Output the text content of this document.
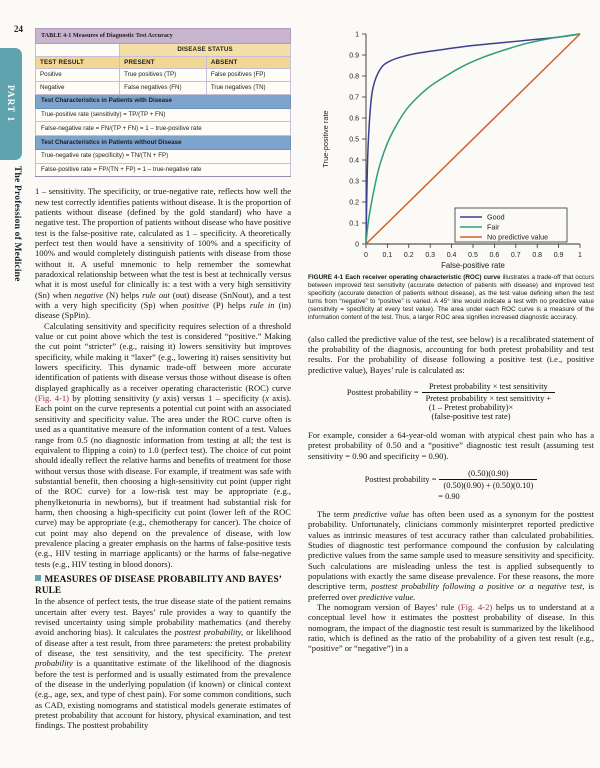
24
PART 1
The Profession of Medicine
TABLE 4-1 Measures of Diagnostic Test Accuracy		
	DISEASE STATUS	
TEST RESULT	PRESENT	ABSENT
Positive	True positives (TP)	False positives (FP)
Negative	False negatives (FN)	True negatives (TN)
Test Characteristics in Patients with Disease		
True-positive rate (sensitivity) = TP/(TP + FN)		
False-negative rate = FN/(TP + FN) = 1 – true-positive rate		
Test Characteristics in Patients without Disease		
True-negative rate (specificity) = TN/(TN + FP)		
False-positive rate = FP/(TN + FP) = 1 – true-negative rate		

1 – sensitivity. The specificity, or true-negative rate, reflects how well the new test correctly identifies patients without disease. It is the proportion of patients without disease (defined by the gold standard) who have a negative test. The proportion of patients without disease who have positive test is the false-positive rate, calculated as 1 – specificity. A theoretically perfect test then would have a sensitivity of 100% and a specificity of 100% and would completely distinguish patients with disease from those without it. A useful mnemonic to help remember the somewhat paradoxical relationship between what the test is best at technically versus what it is most useful for clinically is: a test with a very high sensitivity (Sn) when negative (N) helps rule out (out) disease (SnNout), and a test with a very high specificity (Sp) when positive (P) helps rule in (in) disease (SpPin).

Calculating sensitivity and specificity requires selection of a threshold value or cut point above which the test is considered “positive.” Making the cut point “stricter” (e.g., raising it) lowers sensitivity but improves specificity, while making it “laxer” (e.g., lowering it) raises sensitivity but lowers specificity. This dynamic trade-off between more accurate identification of patients with disease versus those without disease is often displayed graphically as a receiver operating characteristic (ROC) curve (Fig. 4-1) by plotting sensitivity (y axis) versus 1 – specificity (x axis). Each point on the curve represents a potential cut point with an associated sensitivity and specificity value. The area under the ROC curve often is used as a quantitative measure of the information content of a test. Values range from 0.5 (no diagnostic information from testing at all; the test is equivalent to flipping a coin) to 1.0 (perfect test). The choice of cut point should ideally reflect the relative harms and benefits of treatment for those without versus those with disease. For example, if treatment was safe with substantial benefit, then choosing a high-sensitivity cut point (upper right of the ROC curve) for a low-risk test may be appropriate (e.g., phenylketonuria in newborns), but if treatment had substantial risk for harm, then choosing a high-specificity cut point (lower left of the ROC curve) may be appropriate (e.g., chemotherapy for cancer). The choice of cut point may also depend on the prevalence of disease, with low prevalence placing a greater emphasis on the harms of false-positive tests (e.g., HIV testing in marriage applicants) or the harms of false-negative tests (e.g., HIV testing in blood donors).

MEASURES OF DISEASE PROBABILITY AND BAYES’ RULE

In the absence of perfect tests, the true disease state of the patient remains uncertain after every test. Bayes’ rule provides a way to quantify the revised uncertainty using simple probability mathematics (and thereby avoid anchoring bias). It calculates the posttest probability, or likelihood of disease after a test result, from three parameters: the pretest probability of disease, the test sensitivity, and the test specificity. The pretest probability is a quantitative estimate of the likelihood of the diagnosis before the test is performed and is usually estimated from the prevalence of the disease in the underlying population (if known) or clinical context (e.g., age, sex, and type of chest pain). For some common conditions, such as CAD, existing nomograms and statistical models generate estimates of pretest probability that account for history, physical examination, and test findings. The posttest probability

0 0.1 0.2 0.3 0.4 0.5 0.6 0.7 0.8 0.9 1
0
0.1
0.2
0.3
0.4
0.5
0.6
0.7
0.8
0.9
1
True-positive rate
False-positive rate
Good
Fair
No predictive value
FIGURE 4-1 Each receiver operating characteristic (ROC) curve illustrates a trade-off that occurs between improved test sensitivity (accurate detection of patients with disease) and improved test specificity (accurate detection of patients without disease), as the test value defining when the test turns from “negative” to “positive” is varied. A 45° line would indicate a test with no predictive value (sensitivity = specificity at every test value). The area under each ROC curve is a measure of the information content of the test. Thus, a larger ROC area signifies increased diagnostic accuracy.

(also called the predictive value of the test, see below) is a recalibrated statement of the probability of the diagnosis, accounting for both pretest probability and test results. For the probability of disease following a positive test (i.e., positive predictive value), Bayes’ rule is calculated as:

Posttest probability = $\frac{\text{Pretest probability × test sensitivity}}{\text{Pretest probability × test sensitivity +}}$
(1 – Pretest probability)×
(false-positive test rate)

For example, consider a 64-year-old woman with atypical chest pain who has a pretest probability of 0.50 and a “positive” diagnostic test result (assuming test sensitivity = 0.90 and specificity = 0.90).

Posttest probability = $\frac{(0.50)(0.90)}{(0.50)(0.90) + (0.50)(0.10)}$
= 0.90

The term predictive value has often been used as a synonym for the posttest probability. Unfortunately, clinicians commonly misinterpret reported predictive values as intrinsic measures of test accuracy rather than calculated probabilities. Studies of diagnostic test performance compound the confusion by calculating predictive values from the same sample used to measure sensitivity and specificity. Such calculations are misleading unless the test is applied subsequently to populations with exactly the same disease prevalence. For these reasons, the more descriptive term, posttest probability following a positive or a negative test, is preferred over predictive value.

The nomogram version of Bayes’ rule (Fig. 4-2) helps us to understand at a conceptual level how it estimates the posttest probability of disease. In this nomogram, the impact of the diagnostic test result is summarized by the likelihood ratio, which is defined as the ratio of the probability of a given test result (e.g., “positive” or “negative”) in a
